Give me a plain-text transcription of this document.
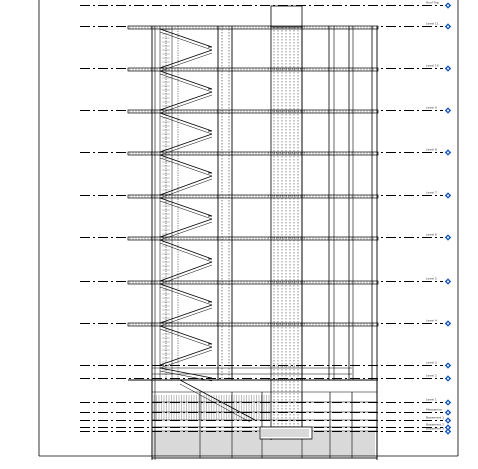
Roof Top
Level 11
Level 10
Level 9
Level 8
Level 7
Level 6
Level 5
Level 4
Level 3
Level 2
Level 1
Mezzanine
Basement 1
Basement 2
Basement 3
